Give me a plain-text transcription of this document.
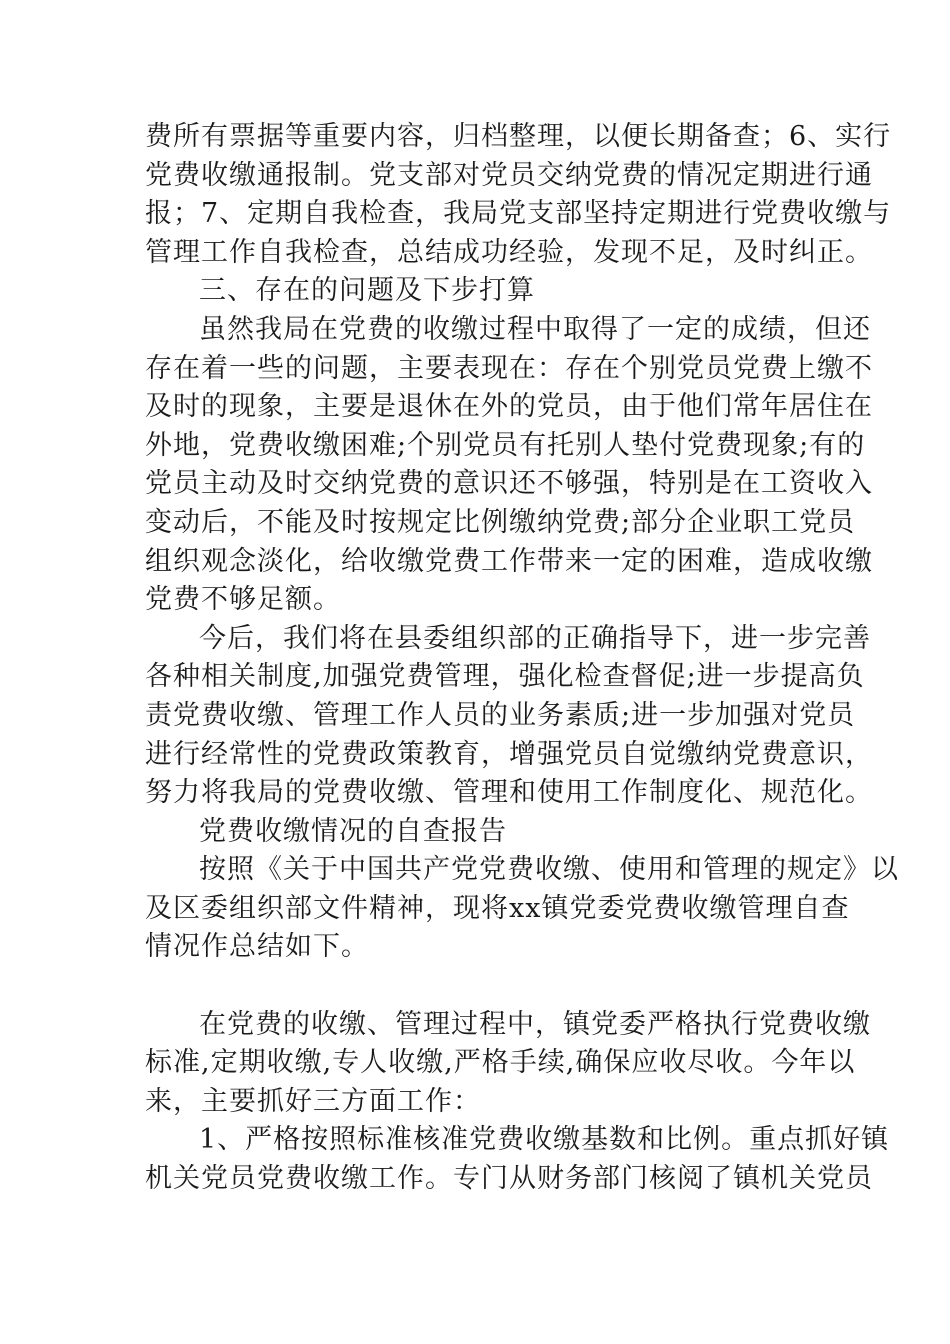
费所有票据等重要内容，归档整理，以便长期备查；6、实行
党费收缴通报制。党支部对党员交纳党费的情况定期进行通
报；7、定期自我检查，我局党支部坚持定期进行党费收缴与
管理工作自我检查，总结成功经验，发现不足，及时纠正。
三、存在的问题及下步打算
虽然我局在党费的收缴过程中取得了一定的成绩，但还
存在着一些的问题，主要表现在：存在个别党员党费上缴不
及时的现象，主要是退休在外的党员，由于他们常年居住在
外地，党费收缴困难;个别党员有托别人垫付党费现象;有的
党员主动及时交纳党费的意识还不够强，特别是在工资收入
变动后，不能及时按规定比例缴纳党费;部分企业职工党员
组织观念淡化，给收缴党费工作带来一定的困难，造成收缴
党费不够足额。
今后，我们将在县委组织部的正确指导下，进一步完善
各种相关制度,加强党费管理，强化检查督促;进一步提高负
责党费收缴、管理工作人员的业务素质;进一步加强对党员
进行经常性的党费政策教育，增强党员自觉缴纳党费意识，
努力将我局的党费收缴、管理和使用工作制度化、规范化。
党费收缴情况的自查报告
按照《关于中国共产党党费收缴、使用和管理的规定》以
及区委组织部文件精神，现将xx镇党委党费收缴管理自查
情况作总结如下。
在党费的收缴、管理过程中，镇党委严格执行党费收缴
标准,定期收缴,专人收缴,严格手续,确保应收尽收。今年以
来，主要抓好三方面工作：
1、严格按照标准核准党费收缴基数和比例。重点抓好镇
机关党员党费收缴工作。专门从财务部门核阅了镇机关党员
